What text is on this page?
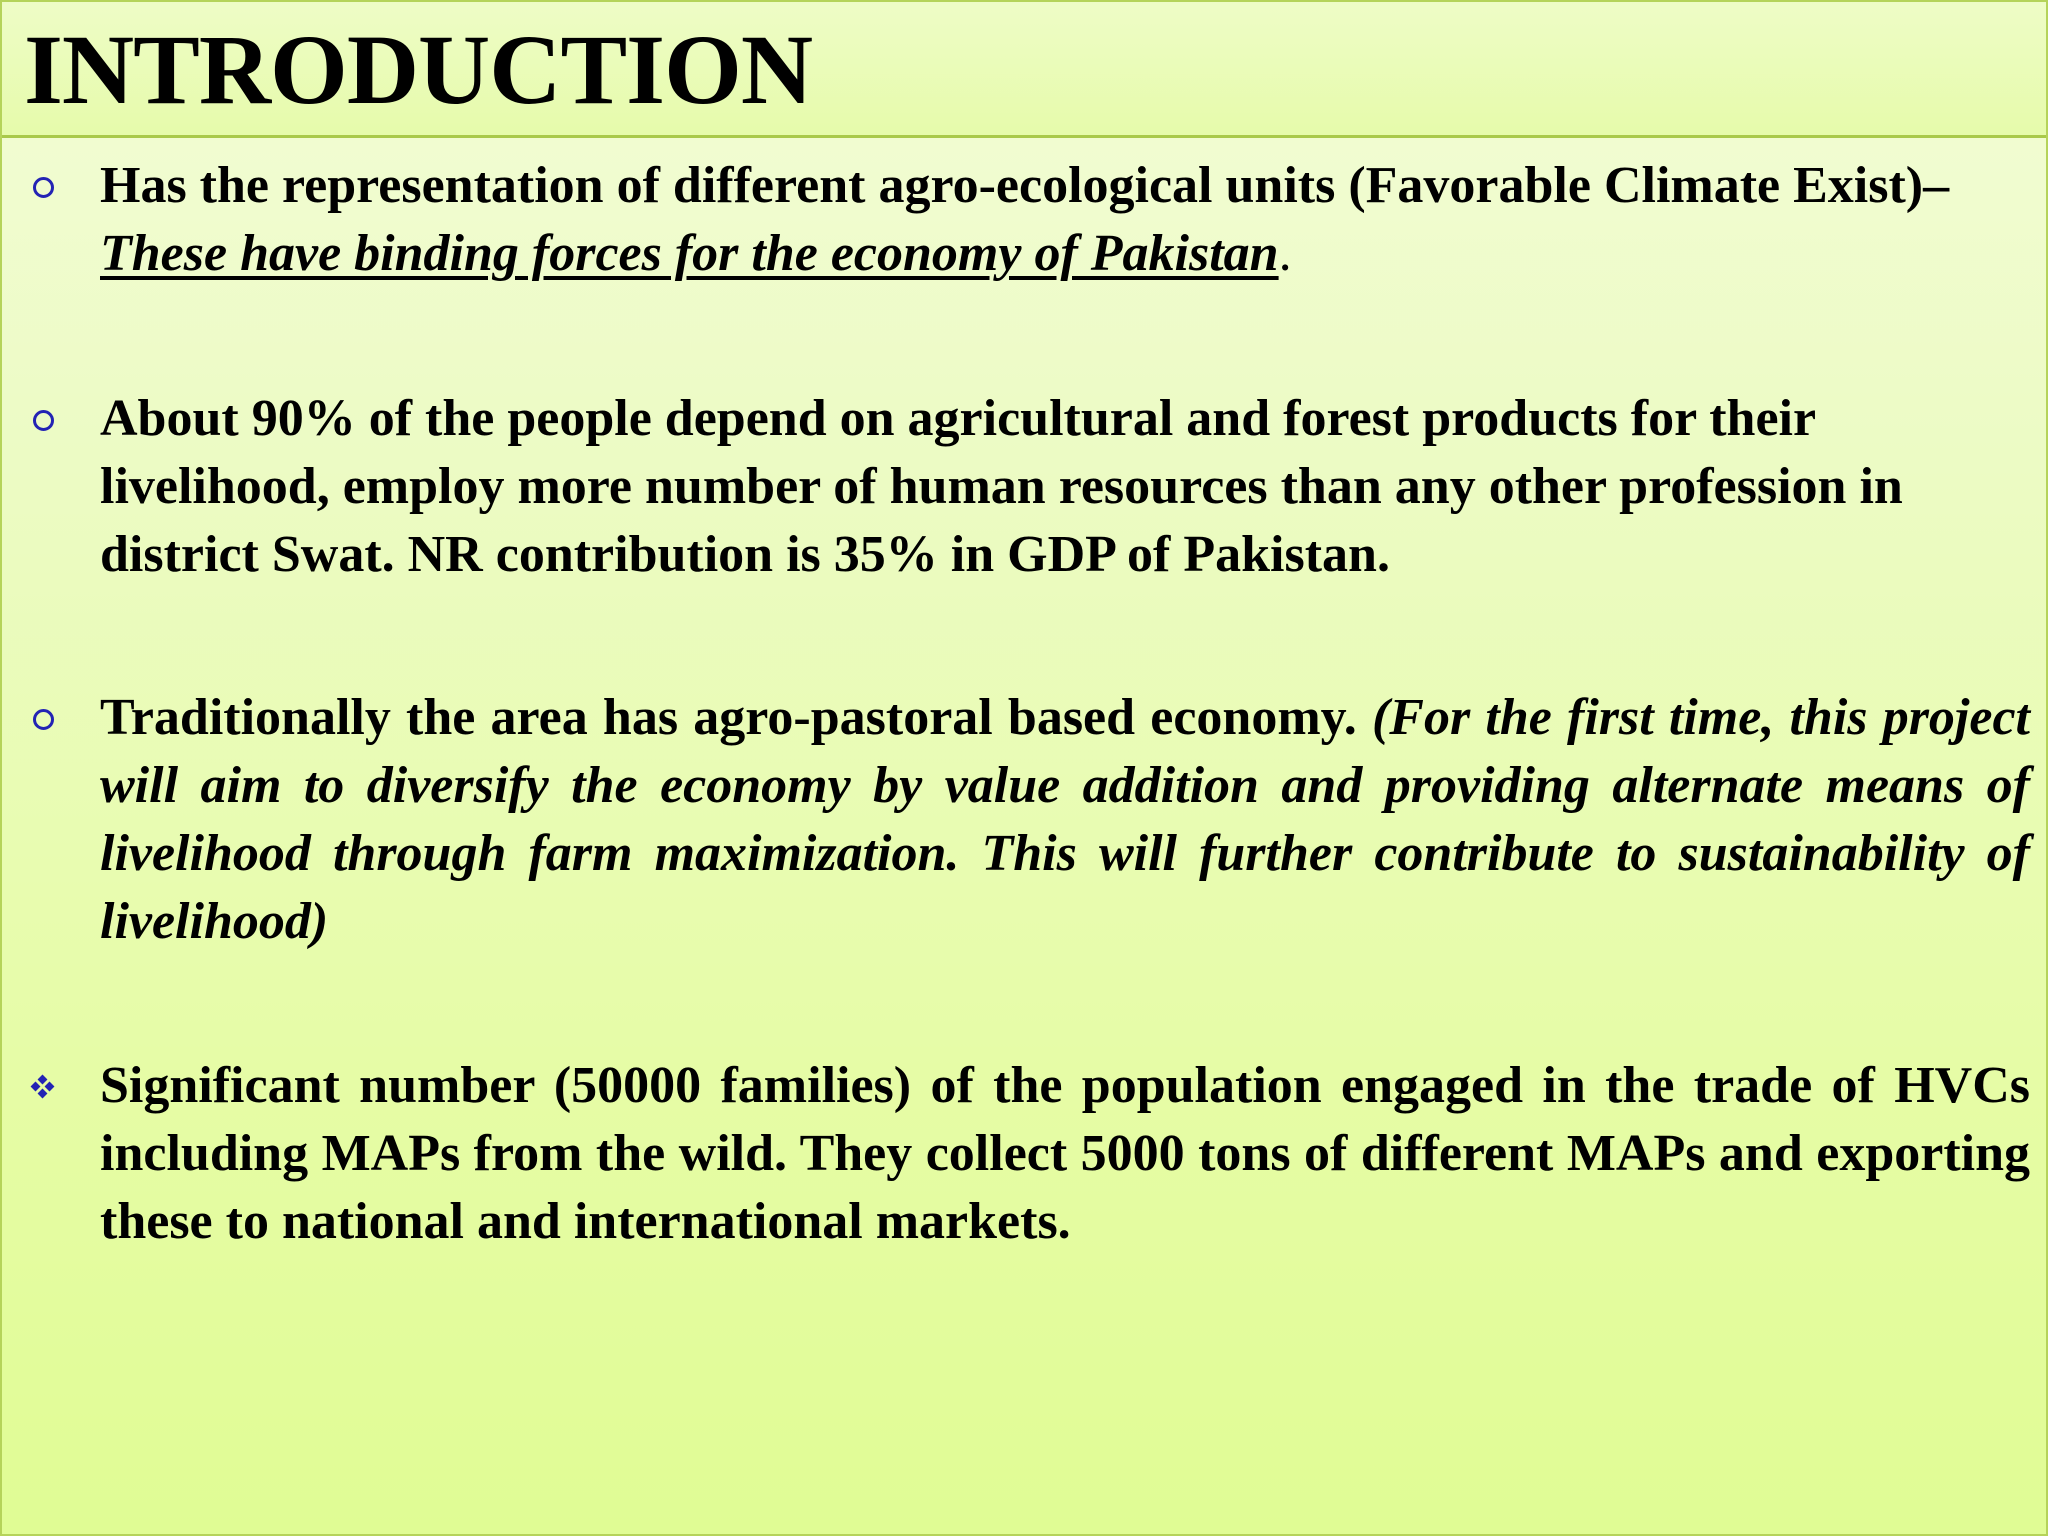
INTRODUCTION

Has the representation of different agro-ecological units (Favorable Climate Exist)– These have binding forces for the economy of Pakistan.

About 90% of the people depend on agricultural and forest products for their livelihood, employ more number of human resources than any other profession in district Swat. NR contribution is 35% in GDP of Pakistan.

Traditionally the area has agro-pastoral based economy. (For the first time, this project will aim to diversify the economy by value addition and providing alternate means of livelihood through farm maximization. This will further contribute to sustainability of livelihood)

Significant number (50000 families) of the population engaged in the trade of HVCs including MAPs from the wild. They collect 5000 tons of different MAPs and exporting these to national and international markets.
